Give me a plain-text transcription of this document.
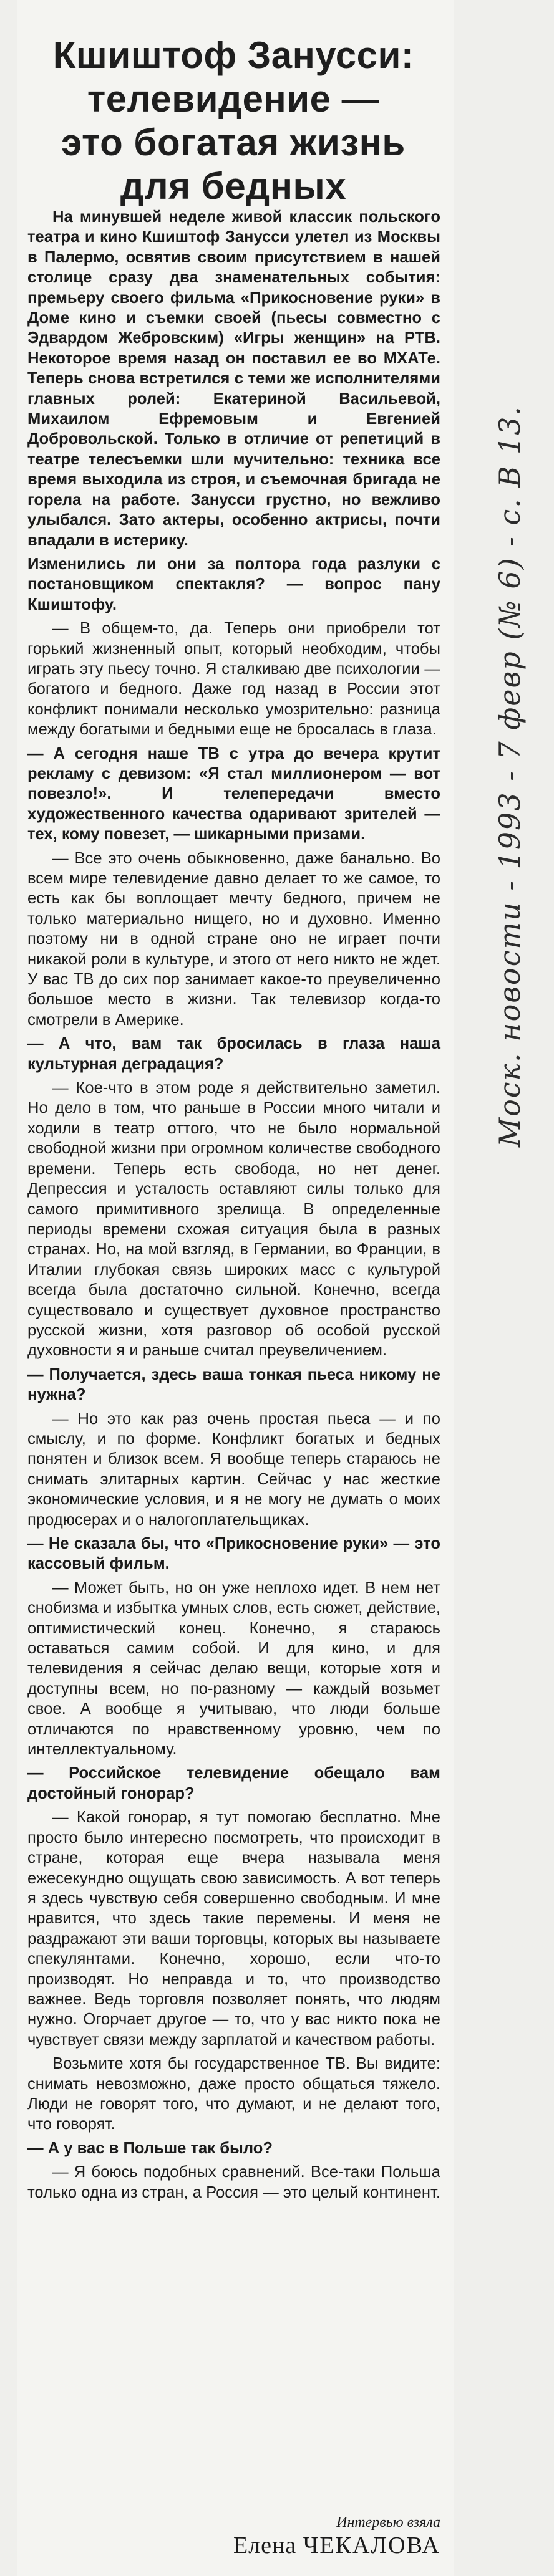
Кшиштоф Занусси:
телевидение —
это богатая жизнь
для бедных

На минувшей неделе живой классик польского театра и кино Кшиштоф Занусси улетел из Москвы в Палермо, освятив своим присутствием в нашей столице сразу два знаменательных события: премьеру своего фильма «Прикосновение руки» в Доме кино и съемки своей (пьесы совместно с Эдвардом Жебровским) «Игры женщин» на РТВ. Некоторое время назад он поставил ее во МХАТе. Теперь снова встретился с теми же исполнителями главных ролей: Екатериной Васильевой, Михаилом Ефремовым и Евгенией Добровольской. Только в отличие от репетиций в театре телесъемки шли мучительно: техника все время выходила из строя, и съемочная бригада не горела на работе. Занусси грустно, но вежливо улыбался. Зато актеры, особенно актрисы, почти впадали в истерику.

Изменились ли они за полтора года разлуки с постановщиком спектакля? — вопрос пану Кшиштофу.

— В общем-то, да. Теперь они приобрели тот горький жизненный опыт, который необходим, чтобы играть эту пьесу точно. Я сталкиваю две психологии — богатого и бедного. Даже год назад в России этот конфликт понимали несколько умозрительно: разница между богатыми и бедными еще не бросалась в глаза.

— А сегодня наше ТВ с утра до вечера крутит рекламу с девизом: «Я стал миллионером — вот повезло!». И телепередачи вместо художественного качества одаривают зрителей — тех, кому повезет, — шикарными призами.

— Все это очень обыкновенно, даже банально. Во всем мире телевидение давно делает то же самое, то есть как бы воплощает мечту бедного, причем не только материально нищего, но и духовно. Именно поэтому ни в одной стране оно не играет почти никакой роли в культуре, и этого от него никто не ждет. У вас ТВ до сих пор занимает какое-то преувеличенно большое место в жизни. Так телевизор когда-то смотрели в Америке.

— А что, вам так бросилась в глаза наша культурная деградация?

— Кое-что в этом роде я действительно заметил. Но дело в том, что раньше в России много читали и ходили в театр оттого, что не было нормальной свободной жизни при огромном количестве свободного времени. Теперь есть свобода, но нет денег. Депрессия и усталость оставляют силы только для самого примитивного зрелища. В определенные периоды времени схожая ситуация была в разных странах. Но, на мой взгляд, в Германии, во Франции, в Италии глубокая связь широких масс с культурой всегда была достаточно сильной. Конечно, всегда существовало и существует духовное пространство русской жизни, хотя разговор об особой русской духовности я и раньше считал преувеличением.

— Получается, здесь ваша тонкая пьеса никому не нужна?

— Но это как раз очень простая пьеса — и по смыслу, и по форме. Конфликт богатых и бедных понятен и близок всем. Я вообще теперь стараюсь не снимать элитарных картин. Сейчас у нас жесткие экономические условия, и я не могу не думать о моих продюсерах и о налогоплательщиках.

— Не сказала бы, что «Прикосновение руки» — это кассовый фильм.

— Может быть, но он уже неплохо идет. В нем нет снобизма и избытка умных слов, есть сюжет, действие, оптимистический конец. Конечно, я стараюсь оставаться самим собой. И для кино, и для телевидения я сейчас делаю вещи, которые хотя и доступны всем, но по-разному — каждый возьмет свое. А вообще я учитываю, что люди больше отличаются по нравственному уровню, чем по интеллектуальному.

— Российское телевидение обещало вам достойный гонорар?

— Какой гонорар, я тут помогаю бесплатно. Мне просто было интересно посмотреть, что происходит в стране, которая еще вчера называла меня ежесекундно ощущать свою зависимость. А вот теперь я здесь чувствую себя совершенно свободным. И мне нравится, что здесь такие перемены. И меня не раздражают эти ваши торговцы, которых вы называете спекулянтами. Конечно, хорошо, если что-то производят. Но неправда и то, что производство важнее. Ведь торговля позволяет понять, что людям нужно. Огорчает другое — то, что у вас никто пока не чувствует связи между зарплатой и качеством работы.

Возьмите хотя бы государственное ТВ. Вы видите: снимать невозможно, даже просто общаться тяжело. Люди не говорят того, что думают, и не делают того, что говорят.

— А у вас в Польше так было?

— Я боюсь подобных сравнений. Все-таки Польша только одна из стран, а Россия — это целый континент.

Интервью взяла
Елена ЧЕКАЛОВА
Моск. новости - 1993 - 7 февр (№ 6) - с. В 13.
